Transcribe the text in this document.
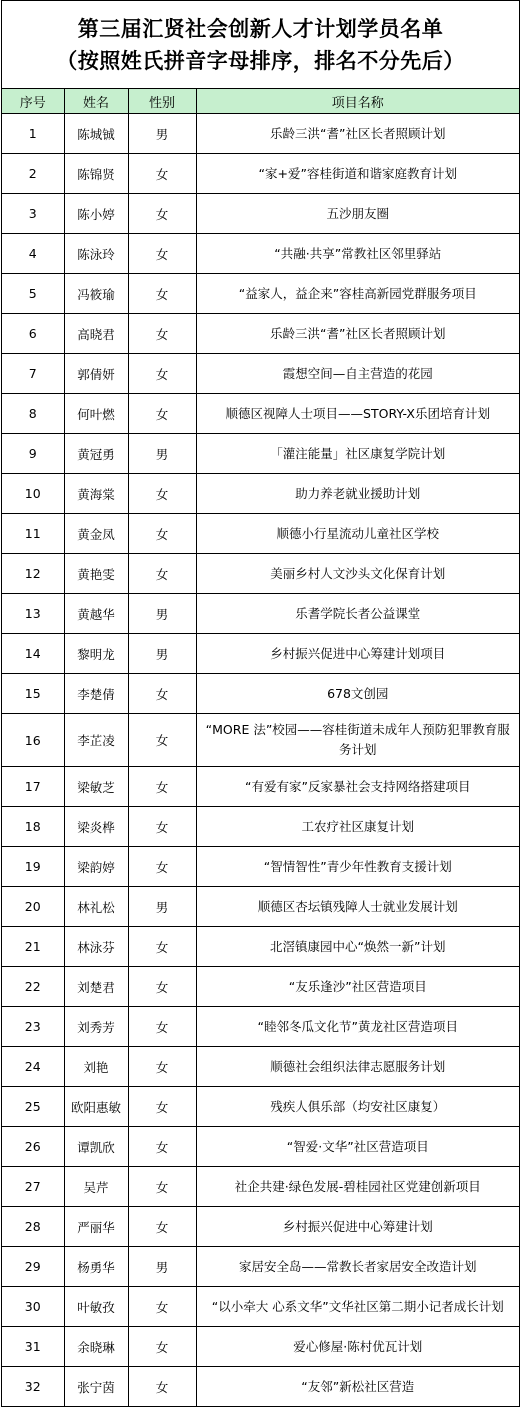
第三届汇贤社会创新人才计划学员名单
（按照姓氏拼音字母排序，排名不分先后）
序号	姓名	性别	项目名称
1	陈城铖	男	乐龄三洪“耆”社区长者照顾计划
2	陈锦贤	女	“家+爱”容桂街道和谐家庭教育计划
3	陈小婷	女	五沙朋友圈
4	陈泳玲	女	“共融·共享”常教社区邻里驿站
5	冯筱瑜	女	“益家人，益企来”容桂高新园党群服务项目
6	高晓君	女	乐龄三洪“耆”社区长者照顾计划
7	郭倩妍	女	霞想空间—自主营造的花园
8	何叶燃	女	顺德区视障人士项目——STORY-X乐团培育计划
9	黄冠勇	男	「灌注能量」社区康复学院计划
10	黄海棠	女	助力养老就业援助计划
11	黄金凤	女	顺德小行星流动儿童社区学校
12	黄艳雯	女	美丽乡村人文沙头文化保育计划
13	黄越华	男	乐耆学院长者公益课堂
14	黎明龙	男	乡村振兴促进中心筹建计划项目
15	李楚倩	女	678文创园
16	李芷凌	女	“MORE 法”校园——容桂街道未成年人预防犯罪教育服务计划
17	梁敏芝	女	“有爱有家”反家暴社会支持网络搭建项目
18	梁炎桦	女	工农疗社区康复计划
19	梁韵婷	女	“智情智性”青少年性教育支援计划
20	林礼松	男	顺德区杏坛镇残障人士就业发展计划
21	林泳芬	女	北滘镇康园中心“焕然一新”计划
22	刘楚君	女	“友乐逢沙”社区营造项目
23	刘秀芳	女	“睦邻冬瓜文化节”黄龙社区营造项目
24	刘艳	女	顺德社会组织法律志愿服务计划
25	欧阳惠敏	女	残疾人俱乐部（均安社区康复）
26	谭凯欣	女	“智爱·文华”社区营造项目
27	吴芹	女	社企共建·绿色发展-碧桂园社区党建创新项目
28	严丽华	女	乡村振兴促进中心筹建计划
29	杨勇华	男	家居安全岛——常教长者家居安全改造计划
30	叶敏孜	女	“以小牵大 心系文华”文华社区第二期小记者成长计划
31	余晓琳	女	爱心修屋·陈村优瓦计划
32	张宁茵	女	“友邻”新松社区营造
